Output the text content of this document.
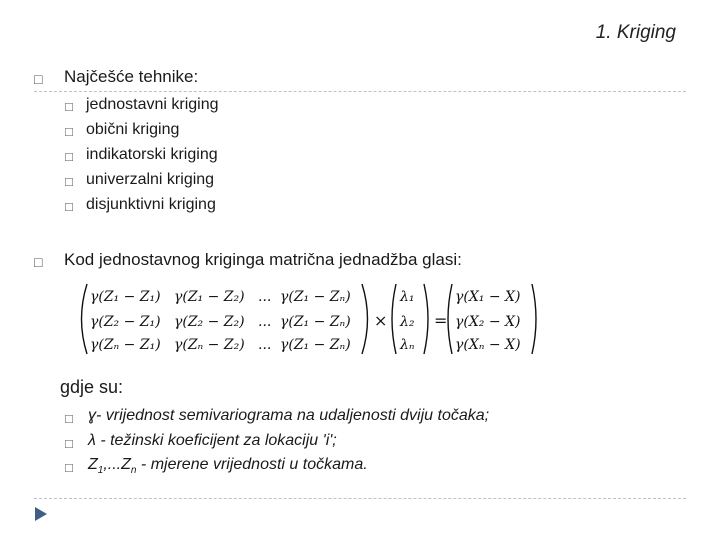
1. Kriging
□ Najčešće tehnike:
□ jednostavni kriging
□ obični kriging
□ indikatorski kriging
□ univerzalni kriging
□ disjunktivni kriging
□ Kod jednostavnog kriginga matrična jednadžba glasi:
γ(Z₁ − Z₁) γ(Z₁ − Z₂) ... γ(Z₁ − Zₙ)
γ(Z₂ − Z₁) γ(Z₂ − Z₂) ... γ(Z₁ − Zₙ)
γ(Zₙ − Z₁) γ(Zₙ − Z₂) ... γ(Z₁ − Zₙ)
×
λ₁
λ₂
λₙ
=
γ(X₁ − X)
γ(X₂ − X)
γ(Xₙ − X)
gdje su:
□ ɣ- vrijednost semivariograma na udaljenosti dviju točaka;
□ λ - težinski koeficijent za lokaciju 'i';
□ $Z_1,...Z_n$ - mjerene vrijednosti u točkama.
